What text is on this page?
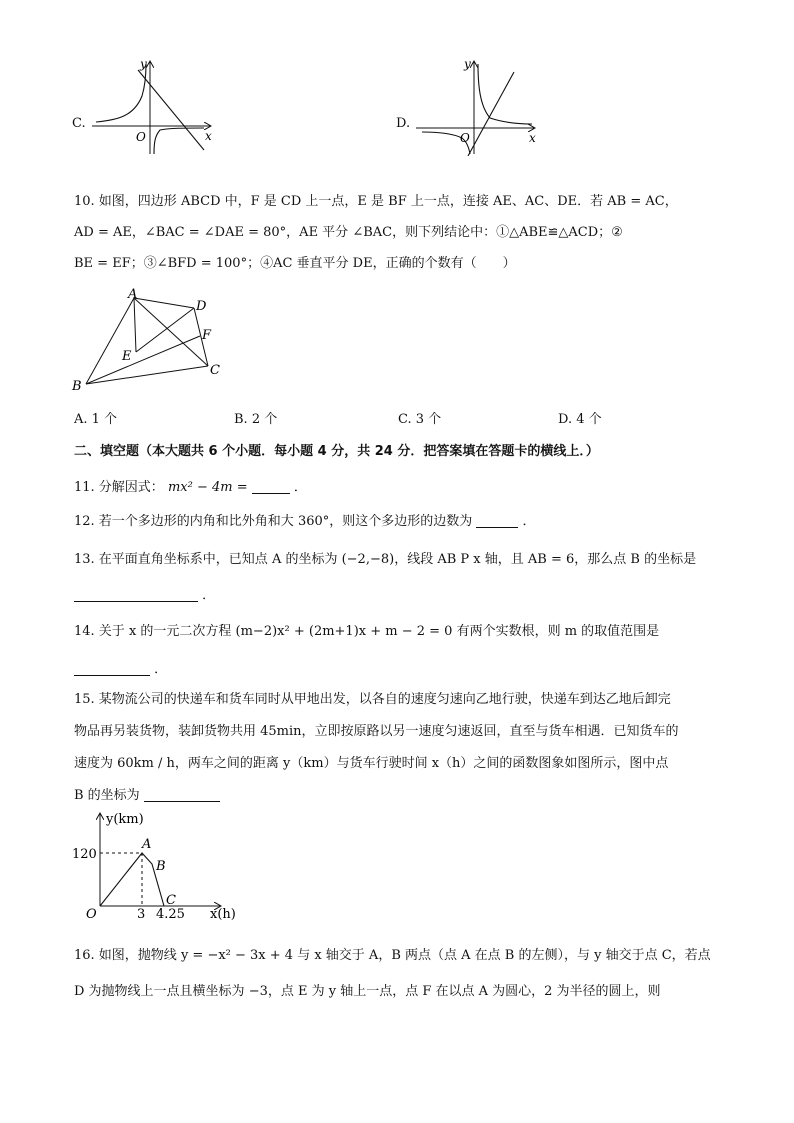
C.
y
x
O
D.
y
x
O
10. 如图，四边形 ABCD 中，F 是 CD 上一点，E 是 BF 上一点，连接 AE、AC、DE．若 AB = AC，
AD = AE，∠BAC = ∠DAE = 80°，AE 平分 ∠BAC，则下列结论中：①△ABE≌△ACD；②
BE = EF；③∠BFD = 100°；④AC 垂直平分 DE，正确的个数有（　　）
A
D
F
E
C
B
A. 1 个	B. 2 个	C. 3 个	D. 4 个
二、填空题（本大题共 6 个小题．每小题 4 分，共 24 分．把答案填在答题卡的横线上．）
11. 分解因式： mx² − 4m =	．
12. 若一个多边形的内角和比外角和大 360°，则这个多边形的边数为	．
13. 在平面直角坐标系中，已知点 A 的坐标为 (−2,−8)，线段 AB P x 轴，且 AB = 6，那么点 B 的坐标是
．
14. 关于 x 的一元二次方程 (m−2)x² + (2m+1)x + m − 2 = 0 有两个实数根，则 m 的取值范围是
．
15. 某物流公司的快递车和货车同时从甲地出发，以各自的速度匀速向乙地行驶，快递车到达乙地后卸完
物品再另装货物，装卸货物共用 45min，立即按原路以另一速度匀速返回，直至与货车相遇．已知货车的
速度为 60km / h，两车之间的距离 y（km）与货车行驶时间 x（h）之间的函数图象如图所示，图中点
B 的坐标为
y(km)
x(h)
O
120
3 4.25
A
B
C
16. 如图，抛物线 y = −x² − 3x + 4 与 x 轴交于 A，B 两点（点 A 在点 B 的左侧），与 y 轴交于点 C，若点
D 为抛物线上一点且横坐标为 −3，点 E 为 y 轴上一点，点 F 在以点 A 为圆心，2 为半径的圆上，则
